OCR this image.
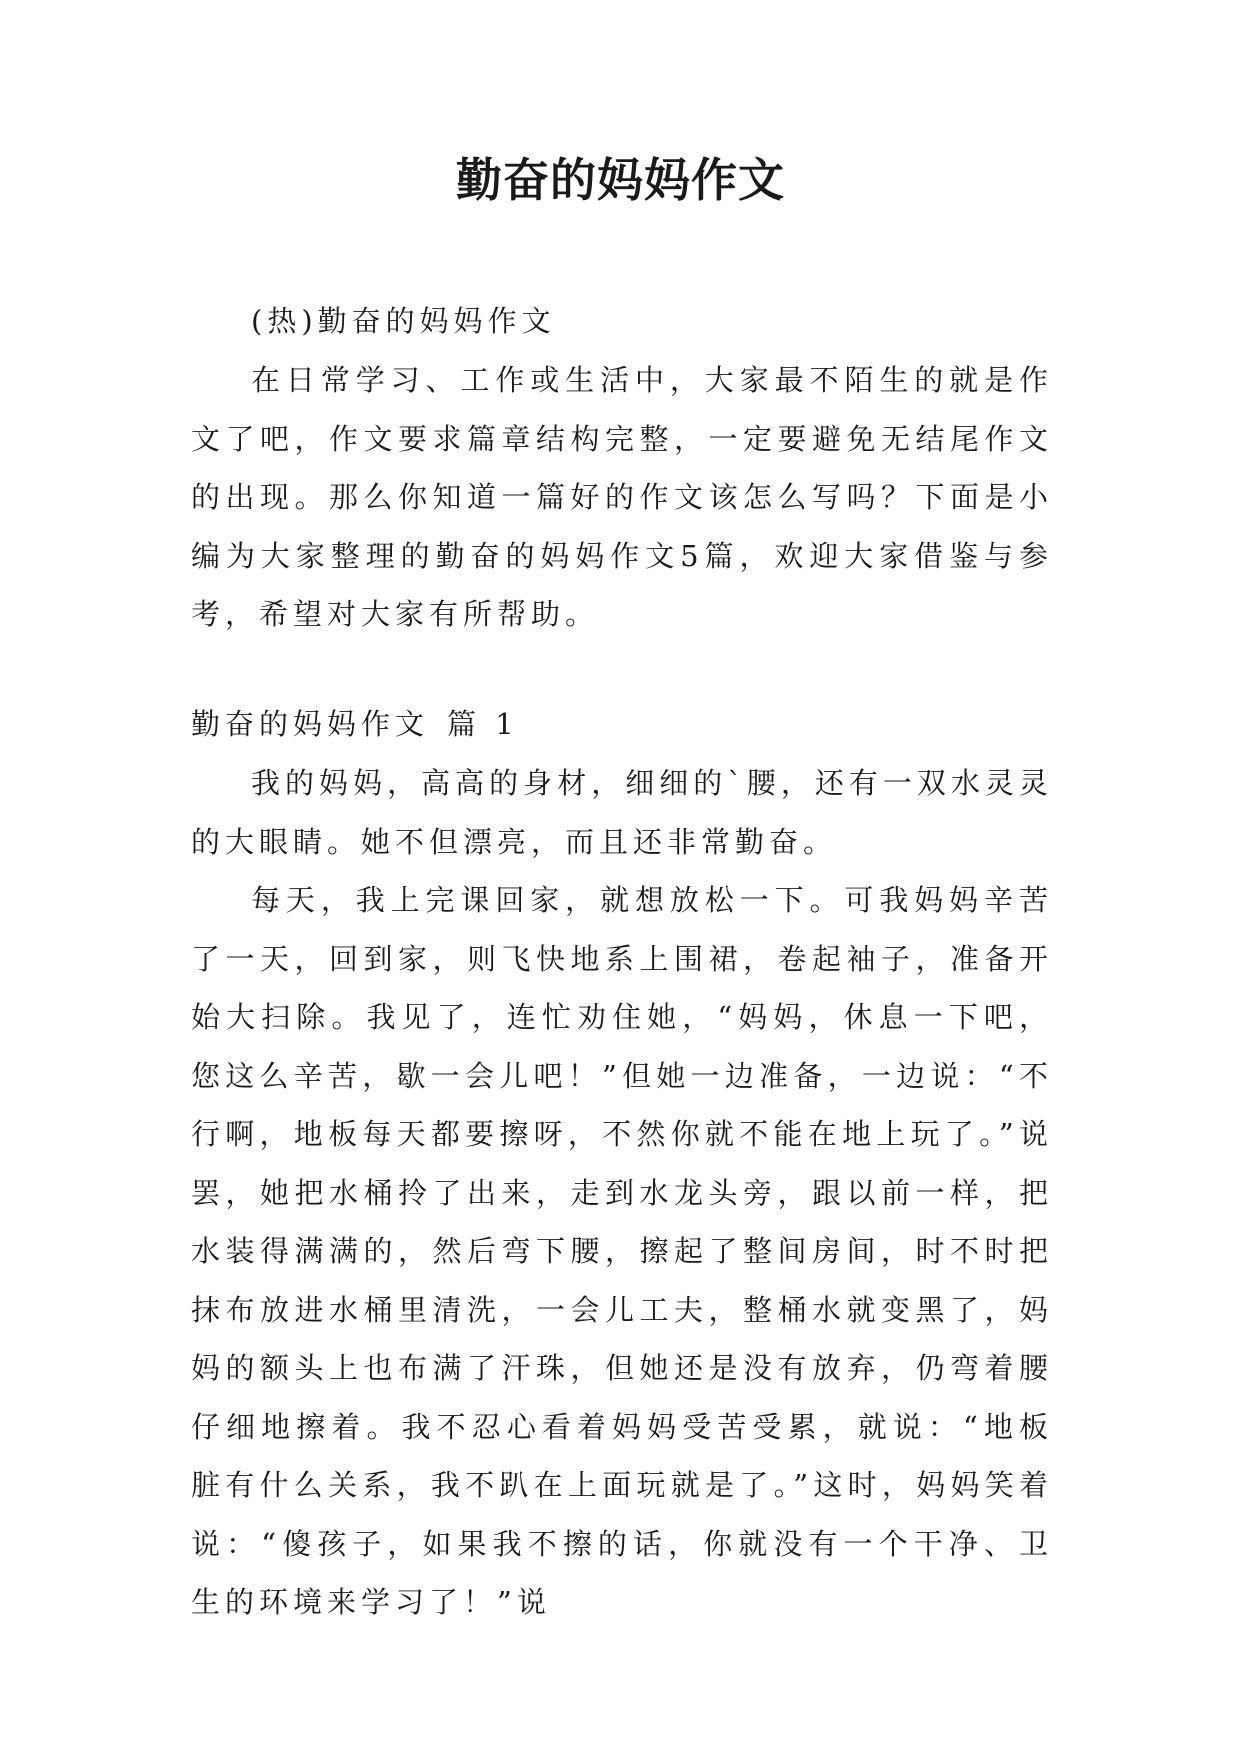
勤奋的妈妈作文

(热)勤奋的妈妈作文

在日常学习、工作或生活中，大家最不陌生的就是作文了吧，作文要求篇章结构完整，一定要避免无结尾作文的出现。那么你知道一篇好的作文该怎么写吗？下面是小编为大家整理的勤奋的妈妈作文5篇，欢迎大家借鉴与参考，希望对大家有所帮助。

勤奋的妈妈作文 篇 1

我的妈妈，高高的身材，细细的`腰，还有一双水灵灵的大眼睛。她不但漂亮，而且还非常勤奋。

每天，我上完课回家，就想放松一下。可我妈妈辛苦了一天，回到家，则飞快地系上围裙，卷起袖子，准备开始大扫除。我见了，连忙劝住她，“妈妈，休息一下吧，您这么辛苦，歇一会儿吧！”但她一边准备，一边说：“不行啊，地板每天都要擦呀，不然你就不能在地上玩了。”说罢，她把水桶拎了出来，走到水龙头旁，跟以前一样，把水装得满满的，然后弯下腰，擦起了整间房间，时不时把抹布放进水桶里清洗，一会儿工夫，整桶水就变黑了，妈妈的额头上也布满了汗珠，但她还是没有放弃，仍弯着腰仔细地擦着。我不忍心看着妈妈受苦受累，就说：“地板脏有什么关系，我不趴在上面玩就是了。”这时，妈妈笑着说：“傻孩子，如果我不擦的话，你就没有一个干净、卫生的环境来学习了！”说
